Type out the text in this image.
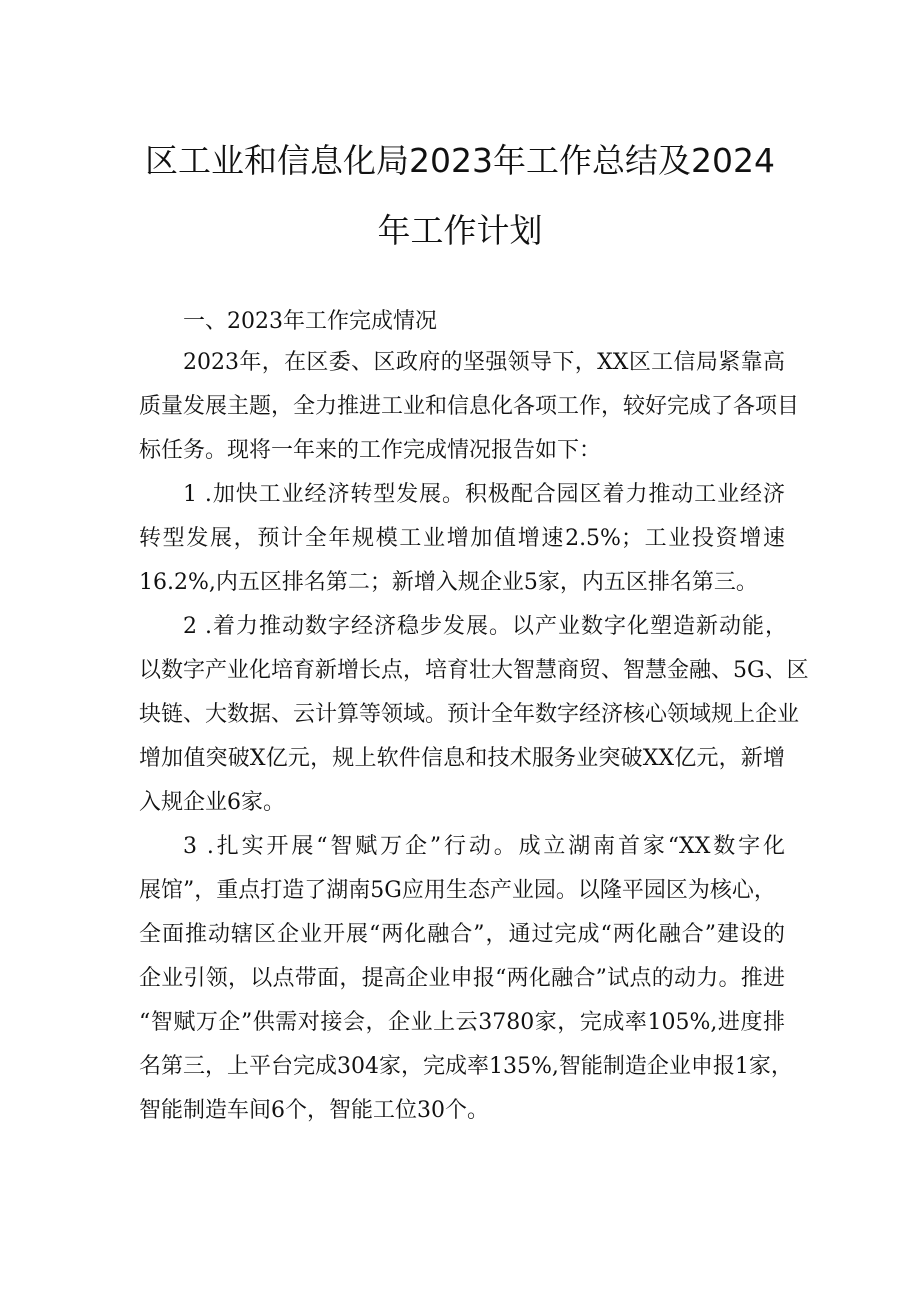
区工业和信息化局2023年工作总结及2024
年工作计划
一、2023年工作完成情况
2023年，在区委、区政府的坚强领导下，XX区工信局紧靠高
质量发展主题，全力推进工业和信息化各项工作，较好完成了各项目
标任务。现将一年来的工作完成情况报告如下：
1 .加快工业经济转型发展。积极配合园区着力推动工业经济
转型发展，预计全年规模工业增加值增速2.5%；工业投资增速
16.2%,内五区排名第二；新增入规企业5家，内五区排名第三。
2 .着力推动数字经济稳步发展。以产业数字化塑造新动能，
以数字产业化培育新增长点，培育壮大智慧商贸、智慧金融、5G、区
块链、大数据、云计算等领域。预计全年数字经济核心领域规上企业
增加值突破X亿元，规上软件信息和技术服务业突破XX亿元，新增
入规企业6家。
3 .扎实开展“智赋万企”行动。成立湖南首家“XX数字化
展馆”，重点打造了湖南5G应用生态产业园。以隆平园区为核心，
全面推动辖区企业开展“两化融合”，通过完成“两化融合”建设的
企业引领，以点带面，提高企业申报“两化融合”试点的动力。推进
“智赋万企”供需对接会，企业上云3780家，完成率105%,进度排
名第三，上平台完成304家，完成率135%,智能制造企业申报1家，
智能制造车间6个，智能工位30个。
